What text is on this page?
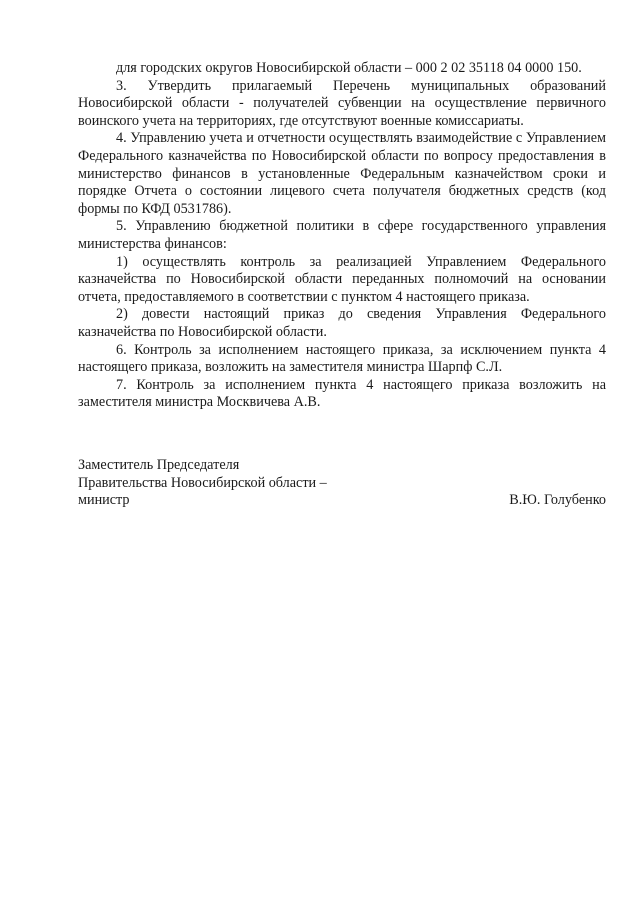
для городских округов Новосибирской области – 000 2 02 35118 04 0000 150.

3. Утвердить прилагаемый Перечень муниципальных образований Новосибирской области - получателей субвенции на осуществление первичного воинского учета на территориях, где отсутствуют военные комиссариаты.

4. Управлению учета и отчетности осуществлять взаимодействие с Управлением Федерального казначейства по Новосибирской области по вопросу предоставления в министерство финансов в установленные Федеральным казначейством сроки и порядке Отчета о состоянии лицевого счета получателя бюджетных средств (код формы по КФД 0531786).

5. Управлению бюджетной политики в сфере государственного управления министерства финансов:

1) осуществлять контроль за реализацией Управлением Федерального казначейства по Новосибирской области переданных полномочий на основании отчета, предоставляемого в соответствии с пунктом 4 настоящего приказа.

2) довести настоящий приказ до сведения Управления Федерального казначейства по Новосибирской области.

6. Контроль за исполнением настоящего приказа, за исключением пункта 4 настоящего приказа, возложить на заместителя министра Шарпф С.Л.

7. Контроль за исполнением пункта 4 настоящего приказа возложить на заместителя министра Москвичева А.В.

Заместитель Председателя
Правительства Новосибирской области –
министр	В.Ю. Голубенко
